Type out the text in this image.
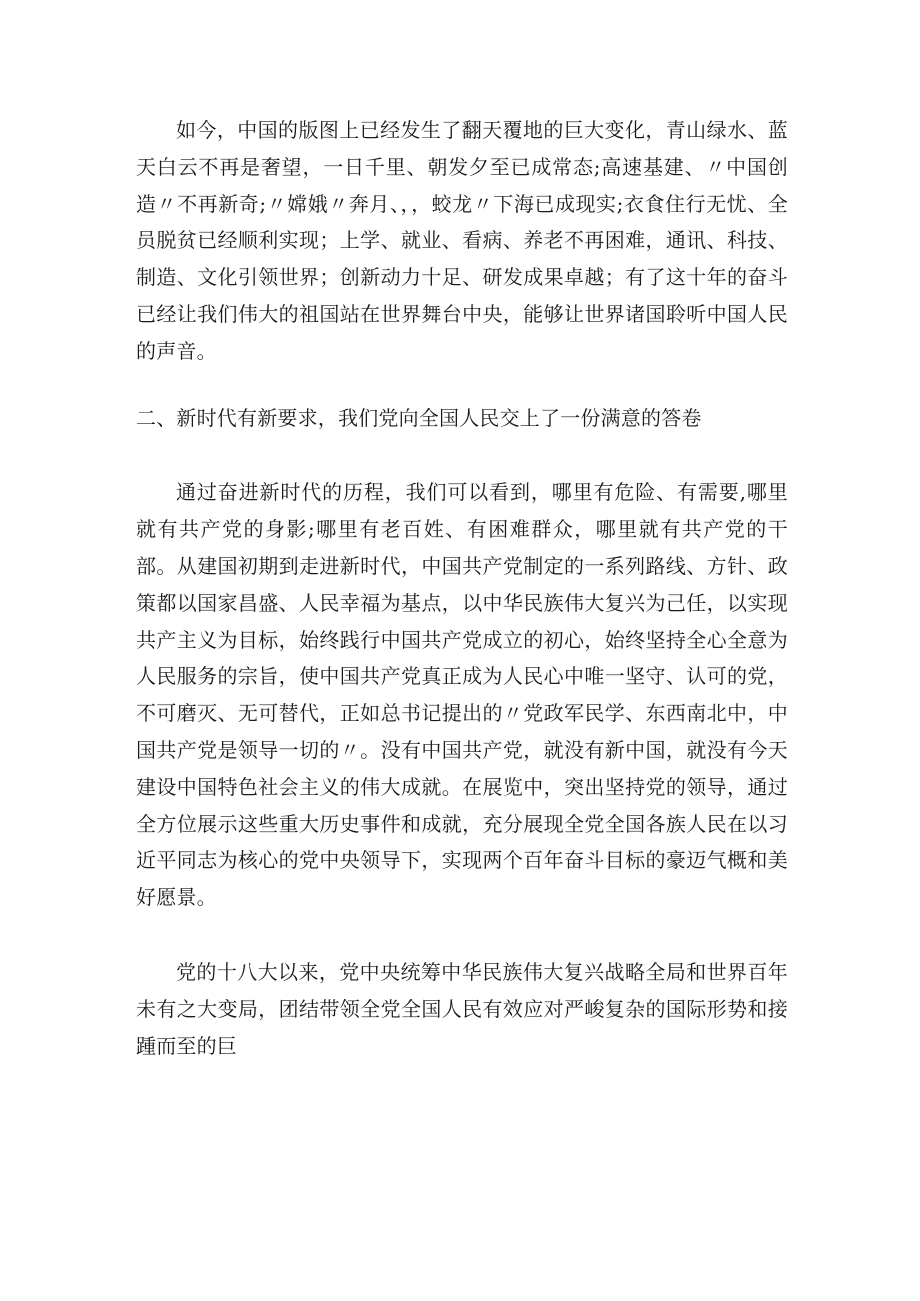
如今，中国的版图上已经发生了翻天覆地的巨大变化，青山绿水、蓝天白云不再是奢望，一日千里、朝发夕至已成常态;高速基建、〃中国创造〃不再新奇;〃嫦娥〃奔月、，，蛟龙〃下海已成现实;衣食住行无忧、全员脱贫已经顺利实现；上学、就业、看病、养老不再困难，通讯、科技、制造、文化引领世界；创新动力十足、研发成果卓越；有了这十年的奋斗已经让我们伟大的祖国站在世界舞台中央，能够让世界诸国聆听中国人民的声音。

二、新时代有新要求，我们党向全国人民交上了一份满意的答卷

通过奋进新时代的历程，我们可以看到，哪里有危险、有需要,哪里就有共产党的身影;哪里有老百姓、有困难群众，哪里就有共产党的干部。从建国初期到走进新时代，中国共产党制定的一系列路线、方针、政策都以国家昌盛、人民幸福为基点，以中华民族伟大复兴为己任，以实现共产主义为目标，始终践行中国共产党成立的初心，始终坚持全心全意为人民服务的宗旨，使中国共产党真正成为人民心中唯一坚守、认可的党，不可磨灭、无可替代，正如总书记提出的〃党政军民学、东西南北中，中国共产党是领导一切的〃。没有中国共产党，就没有新中国，就没有今天建设中国特色社会主义的伟大成就。在展览中，突出坚持党的领导，通过全方位展示这些重大历史事件和成就，充分展现全党全国各族人民在以习近平同志为核心的党中央领导下，实现两个百年奋斗目标的豪迈气概和美好愿景。

党的十八大以来，党中央统筹中华民族伟大复兴战略全局和世界百年未有之大变局，团结带领全党全国人民有效应对严峻复杂的国际形势和接踵而至的巨
